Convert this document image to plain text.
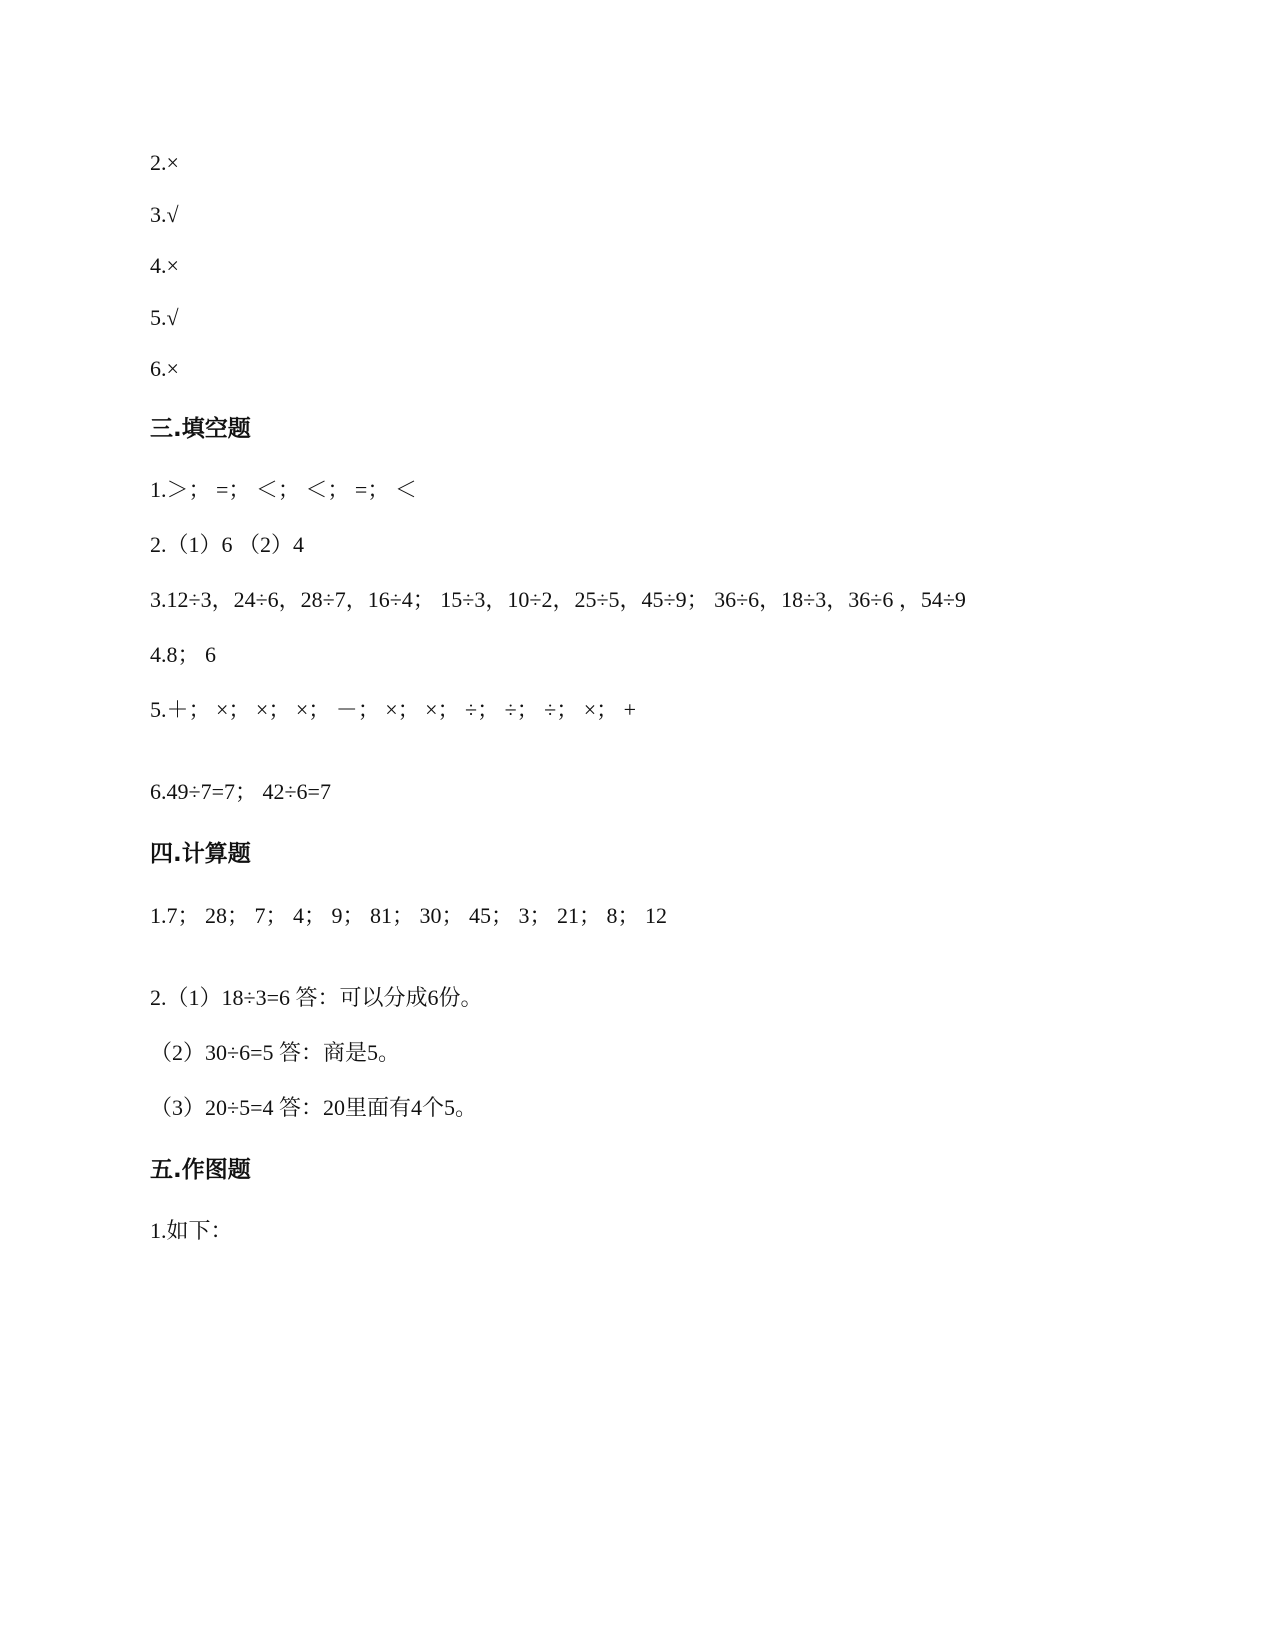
2.×
3.√
4.×
5.√
6.×
三.填空题
1.＞； =； ＜； ＜； =； ＜
2.（1）6 （2）4
3.12÷3，24÷6，28÷7，16÷4； 15÷3，10÷2，25÷5，45÷9； 36÷6，18÷3，36÷6 ，54÷9
4.8； 6
5.＋； ×； ×； ×； －； ×； ×； ÷； ÷； ÷； ×； +
6.49÷7=7； 42÷6=7
四.计算题
1.7； 28； 7； 4； 9； 81； 30； 45； 3； 21； 8； 12
2.（1）18÷3=6 答：可以分成6份。
（2）30÷6=5 答：商是5。
（3）20÷5=4 答：20里面有4个5。
五.作图题
1.如下：
